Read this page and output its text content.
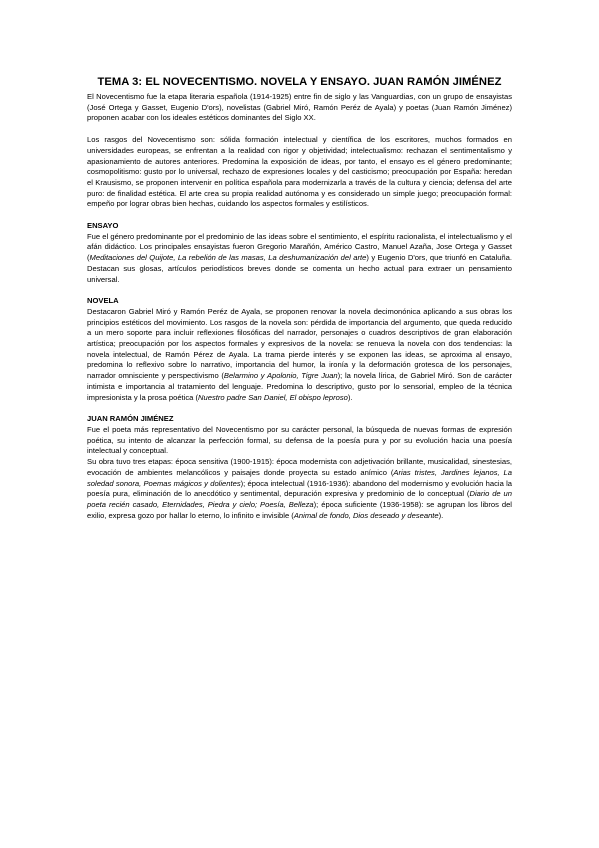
TEMA 3: EL NOVECENTISMO. NOVELA Y ENSAYO. JUAN RAMÓN JIMÉNEZ

El Novecentismo fue la etapa literaria española (1914-1925) entre fin de siglo y las Vanguardias, con un grupo de ensayistas (José Ortega y Gasset, Eugenio D'ors), novelistas (Gabriel Miró, Ramón Peréz de Ayala) y poetas (Juan Ramón Jiménez) proponen acabar con los ideales estéticos dominantes del Siglo XX.

Los rasgos del Novecentismo son: sólida formación intelectual y científica de los escritores, muchos formados en universidades europeas, se enfrentan a la realidad con rigor y objetividad; intelectualismo: rechazan el sentimentalismo y apasionamiento de autores anteriores. Predomina la exposición de ideas, por tanto, el ensayo es el género predominante; cosmopolitismo: gusto por lo universal, rechazo de expresiones locales y del casticismo; preocupación por España: heredan el Krausismo, se proponen intervenir en política española para modernizarla a través de la cultura y ciencia; defensa del arte puro: de finalidad estética. El arte crea su propia realidad autónoma y es considerado un simple juego; preocupación formal: empeño por lograr obras bien hechas, cuidando los aspectos formales y estilísticos.

ENSAYO

Fue el género predominante por el predominio de las ideas sobre el sentimiento, el espíritu racionalista, el intelectualismo y el afán didáctico. Los principales ensayistas fueron Gregorio Marañón, Américo Castro, Manuel Azaña, Jose Ortega y Gasset (Meditaciones del Quijote, La rebelión de las masas, La deshumanización del arte) y Eugenio D'ors, que triunfó en Cataluña. Destacan sus glosas, artículos periodísticos breves donde se comenta un hecho actual para extraer un pensamiento universal.

NOVELA

Destacaron Gabriel Miró y Ramón Peréz de Ayala, se proponen renovar la novela decimonónica aplicando a sus obras los principios estéticos del movimiento. Los rasgos de la novela son: pérdida de importancia del argumento, que queda reducido a un mero soporte para incluir reflexiones filosóficas del narrador, personajes o cuadros descriptivos de gran elaboración artística; preocupación por los aspectos formales y expresivos de la novela: se renueva la novela con dos tendencias: la novela intelectual, de Ramón Pérez de Ayala. La trama pierde interés y se exponen las ideas, se aproxima al ensayo, predomina lo reflexivo sobre lo narrativo, importancia del humor, la ironía y la deformación grotesca de los personajes, narrador omnisciente y perspectivismo (Belarmino y Apolonio, Tigre Juan); la novela lírica, de Gabriel Miró. Son de carácter intimista e importancia al tratamiento del lenguaje. Predomina lo descriptivo, gusto por lo sensorial, empleo de la técnica impresionista y la prosa poética (Nuestro padre San Daniel, El obispo leproso).

JUAN RAMÓN JIMÉNEZ

Fue el poeta más representativo del Novecentismo por su carácter personal, la búsqueda de nuevas formas de expresión poética, su intento de alcanzar la perfección formal, su defensa de la poesía pura y por su evolución hacia una poesía intelectual y conceptual.

Su obra tuvo tres etapas: época sensitiva (1900-1915): época modernista con adjetivación brillante, musicalidad, sinestesias, evocación de ambientes melancólicos y paisajes donde proyecta su estado anímico (Arias tristes, Jardines lejanos, La soledad sonora, Poemas mágicos y dolientes); época intelectual (1916-1936): abandono del modernismo y evolución hacia la poesía pura, eliminación de lo anecdótico y sentimental, depuración expresiva y predominio de lo conceptual (Diario de un poeta recién casado, Eternidades, Piedra y cielo; Poesía, Belleza); época suficiente (1936-1958): se agrupan los libros del exilio, expresa gozo por hallar lo eterno, lo infinito e invisible (Animal de fondo, Dios deseado y deseante).
